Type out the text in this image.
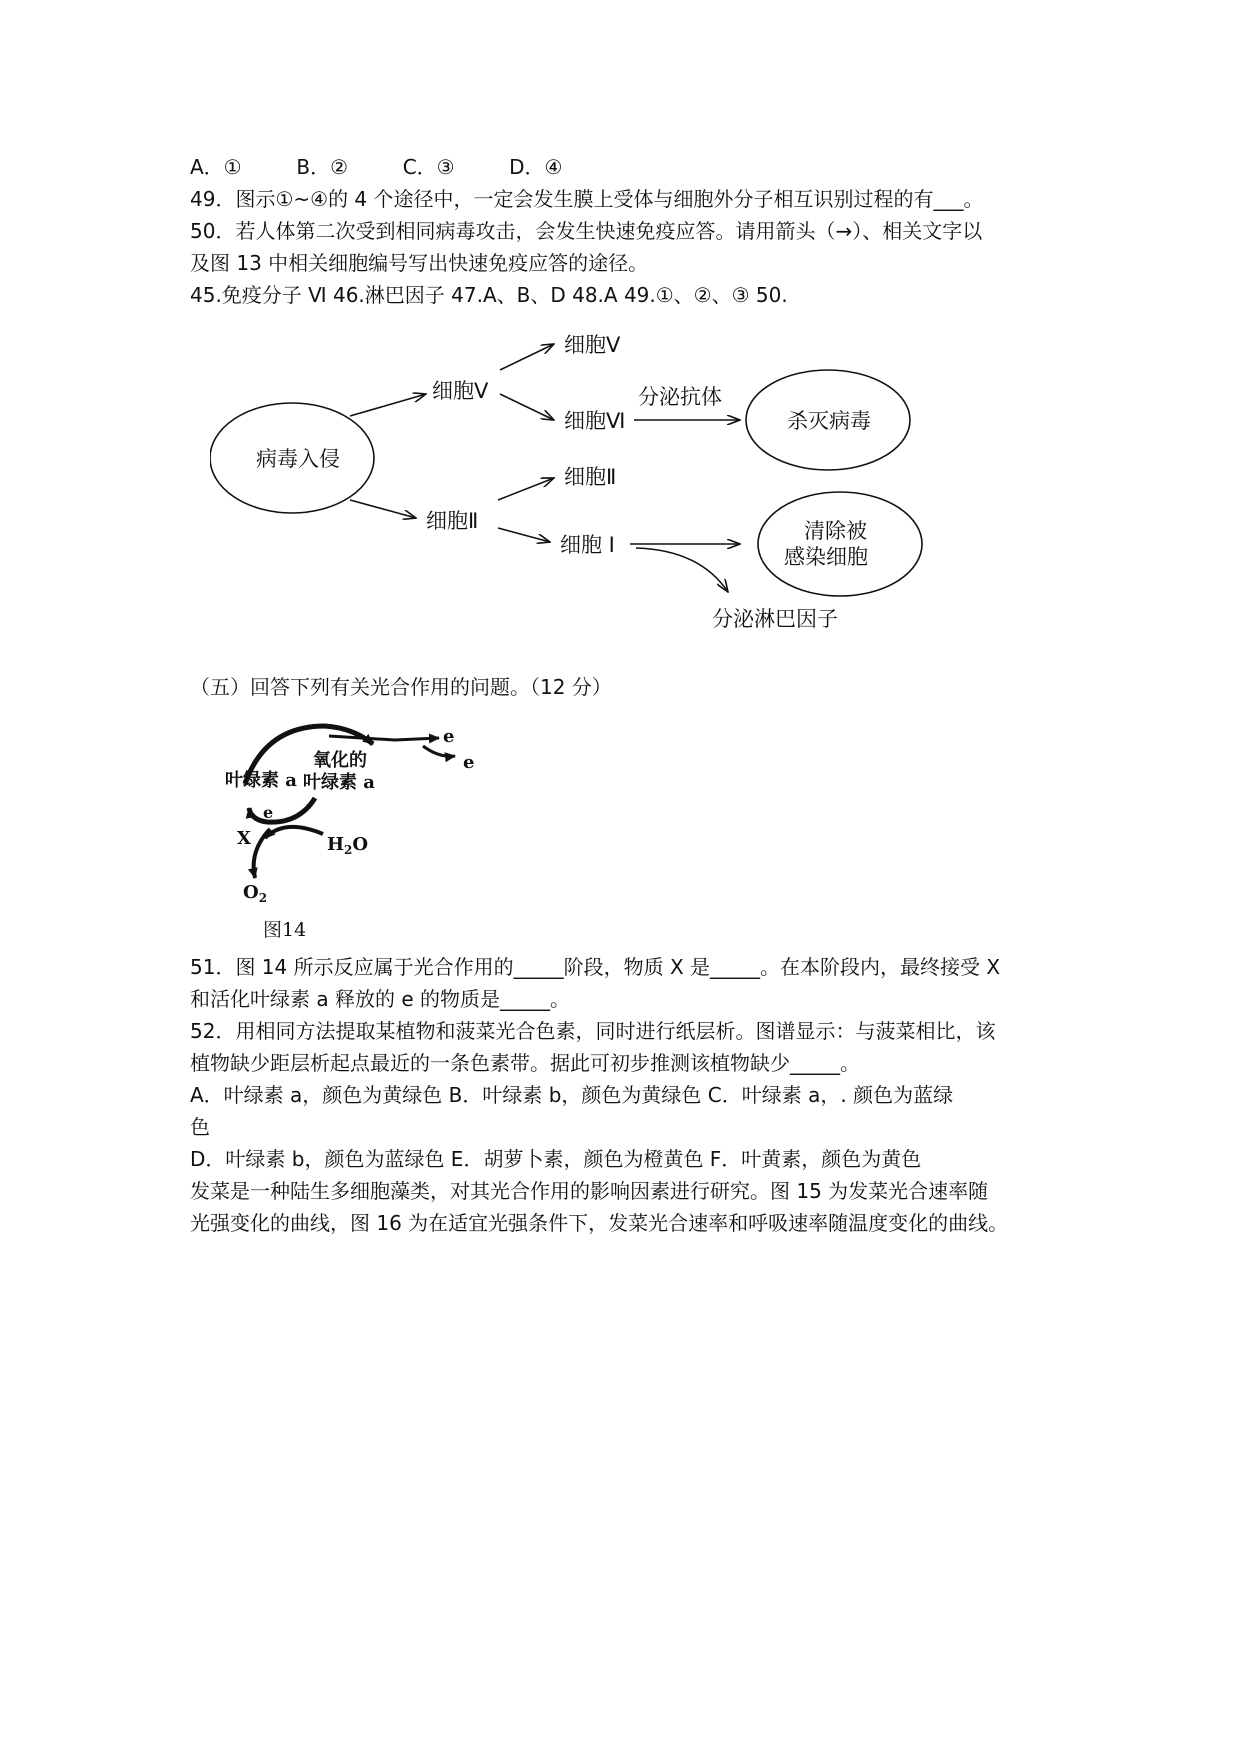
A．①	B．②	C．③	D．④
49．图示①~④的 4 个途径中，一定会发生膜上受体与细胞外分子相互识别过程的有___。
50．若人体第二次受到相同病毒攻击，会发生快速免疫应答。请用箭头（→）、相关文字以
及图 13 中相关细胞编号写出快速免疫应答的途径。
45.免疫分子 Ⅵ 46.淋巴因子 47.A、B、D 48.A 49.①、②、③ 50.
病毒入侵
细胞Ⅴ
细胞Ⅴ
细胞Ⅵ
分泌抗体
杀灭病毒
细胞Ⅱ
细胞Ⅱ
细胞 Ⅰ
清除被
感染细胞
分泌淋巴因子
（五）回答下列有关光合作用的问题。（12 分）
e
e
叶绿素 a
氧化的
叶绿素 a
e
X	$H_2O$
$O_2$
图14
51．图 14 所示反应属于光合作用的_____阶段，物质 X 是_____。在本阶段内，最终接受 X
和活化叶绿素 a 释放的 e 的物质是_____。
52．用相同方法提取某植物和菠菜光合色素，同时进行纸层析。图谱显示：与菠菜相比，该
植物缺少距层析起点最近的一条色素带。据此可初步推测该植物缺少_____。
A．叶绿素 a，颜色为黄绿色 B．叶绿素 b，颜色为黄绿色 C．叶绿素 a，. 颜色为蓝绿
色
D．叶绿素 b，颜色为蓝绿色 E．胡萝卜素，颜色为橙黄色 F．叶黄素，颜色为黄色
发菜是一种陆生多细胞藻类，对其光合作用的影响因素进行研究。图 15 为发菜光合速率随
光强变化的曲线，图 16 为在适宜光强条件下，发菜光合速率和呼吸速率随温度变化的曲线。
